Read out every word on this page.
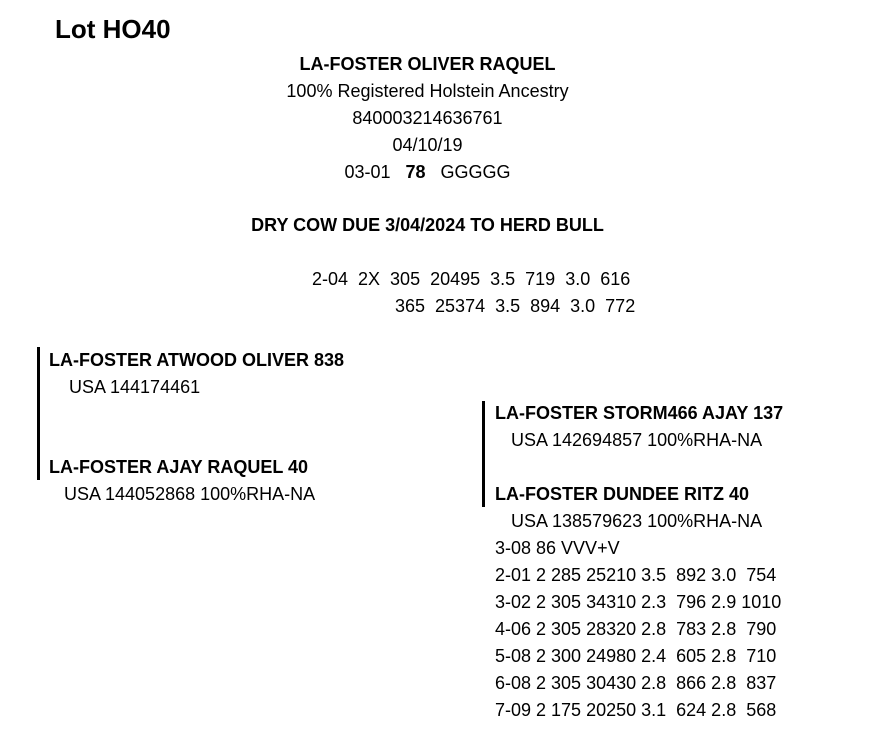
Lot HO40
LA-FOSTER OLIVER RAQUEL
100% Registered Holstein Ancestry
840003214636761
04/10/19
03-01 78 GGGGG
DRY COW DUE 3/04/2024 TO HERD BULL
2-04  2X  305  20495  3.5  719  3.0  616
365  25374  3.5  894  3.0  772
LA-FOSTER ATWOOD OLIVER 838
USA 144174461
LA-FOSTER AJAY RAQUEL 40
USA 144052868 100%RHA-NA
LA-FOSTER STORM466 AJAY 137
USA 142694857 100%RHA-NA
LA-FOSTER DUNDEE RITZ 40
USA 138579623 100%RHA-NA
3-08 86 VVV+V
2-01 2 285 25210 3.5  892 3.0  754
3-02 2 305 34310 2.3  796 2.9 1010
4-06 2 305 28320 2.8  783 2.8  790
5-08 2 300 24980 2.4  605 2.8  710
6-08 2 305 30430 2.8  866 2.8  837
7-09 2 175 20250 3.1  624 2.8  568
